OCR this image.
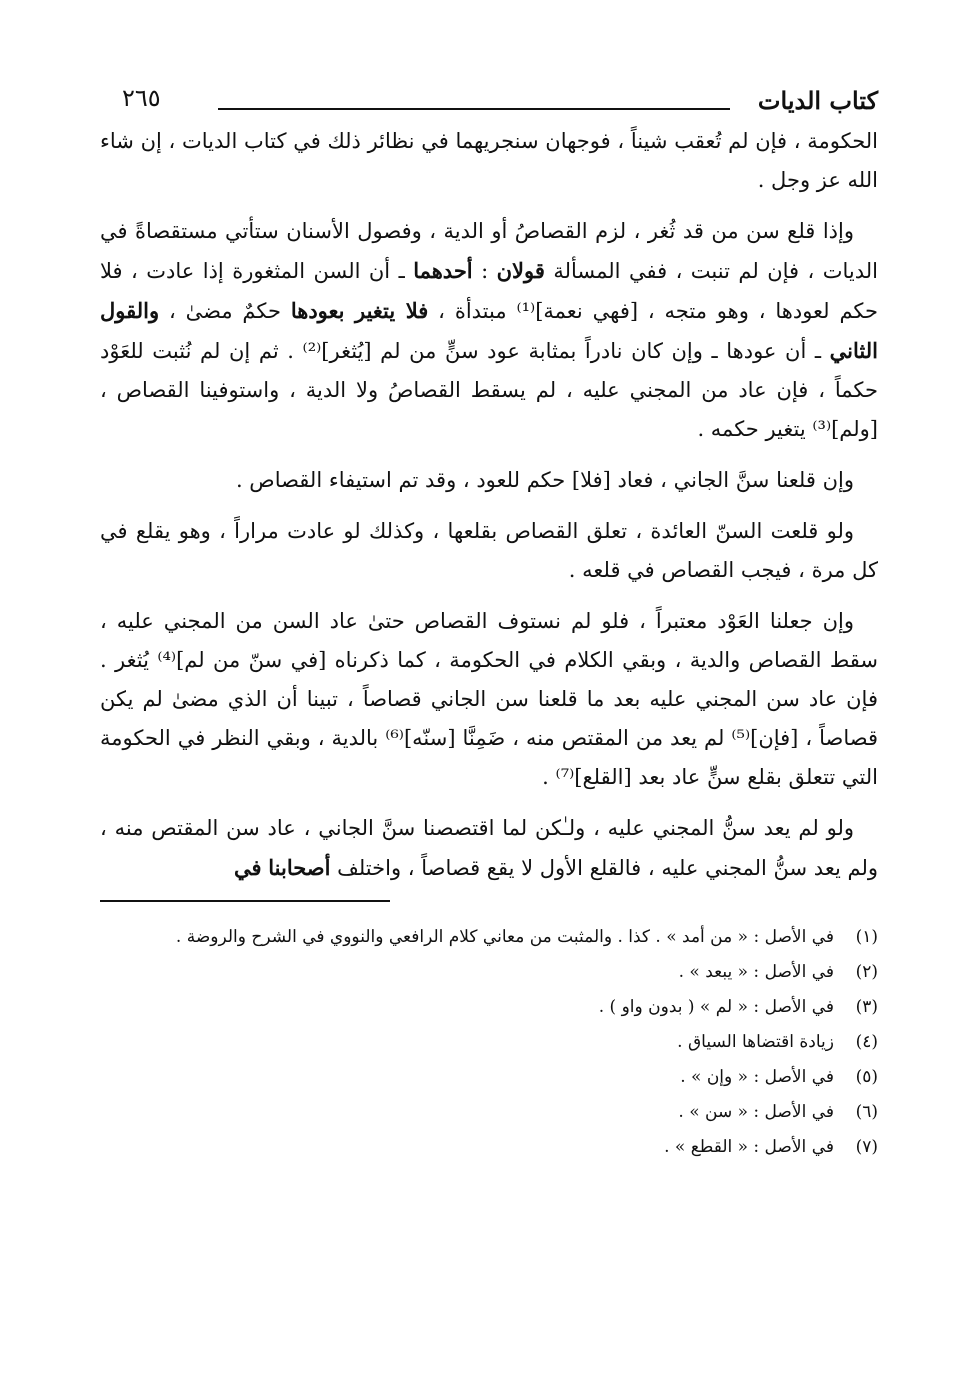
كتاب الديات
٢٦٥

الحكومة ، فإن لم تُعقب شيناً ، فوجهان سنجريهما في نظائر ذلك في كتاب الديات ، إن شاء الله عز وجل .

وإذا قلع سن من قد ثُغر ، لزم القصاصُ أو الدية ، وفصول الأسنان ستأتي مستقصاةً في الديات ، فإن لم تنبت ، ففي المسألة قولان : أحدهما ـ أن السن المثغورة إذا عادت ، فلا حكم لعودها ، وهو متجه ، [فهي نعمة]⁽¹⁾ مبتدأة ، فلا يتغير بعودها حكمٌ مضىٰ ، والقول الثاني ـ أن عودها ـ وإن كان نادراً بمثابة عود سنٍّ من لم [يُثغر]⁽²⁾ . ثم إن لم نُثبت للعَوْد حكماً ، فإن عاد من المجني عليه ، لم يسقط القصاصُ ولا الدية ، واستوفينا القصاص ، [ولم]⁽³⁾ يتغير حكمه .

وإن قلعنا سنَّ الجاني ، فعاد [فلا] حكم للعود ، وقد تم استيفاء القصاص .

ولو قلعت السنّ العائدة ، تعلق القصاص بقلعها ، وكذلك لو عادت مراراً ، وهو يقلع في كل مرة ، فيجب القصاص في قلعه .

وإن جعلنا العَوْد معتبراً ، فلو لم نستوف القصاص حتىٰ عاد السن من المجني عليه ، سقط القصاص والدية ، وبقي الكلام في الحكومة ، كما ذكرناه [في سنّ من لم]⁽⁴⁾ يُثغر . فإن عاد سن المجني عليه بعد ما قلعنا سن الجاني قصاصاً ، تبينا أن الذي مضىٰ لم يكن قصاصاً ، [فإن]⁽⁵⁾ لم يعد من المقتص منه ، ضَمِنَّا [سنّه]⁽⁶⁾ بالدية ، وبقي النظر في الحكومة التي تتعلق بقلع سنٍّ عاد بعد [القلع]⁽⁷⁾ .

ولو لم يعد سنُّ المجني عليه ، ولـٰكن لما اقتصصنا سنَّ الجاني ، عاد سن المقتص منه ، ولم يعد سنُّ المجني عليه ، فالقلع الأول لا يقع قصاصاً ، واختلف أصحابنا في

(١)
في الأصل : « من أمد » . كذا . والمثبت من معاني كلام الرافعي والنووي في الشرح والروضة .
(٢)
في الأصل : « يبعد » .
(٣)
في الأصل : « لم » ( بدون واو ) .
(٤)
زيادة اقتضاها السياق .
(٥)
في الأصل : « وإن » .
(٦)
في الأصل : « سن » .
(٧)
في الأصل : « القطع » .
